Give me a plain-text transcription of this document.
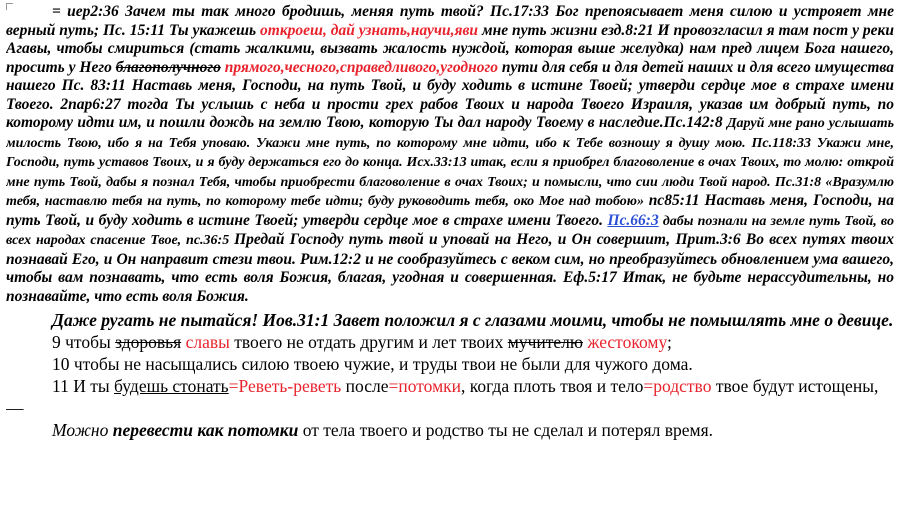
= иер2:36 Зачем ты так много бродишь, меняя путь твой? Пс.17:33 Бог препоясывает меня силою и устрояет мне верный путь; Пс. 15:11 Ты укажешь откроеш, дай узнать,научи,яви мне путь жизни езд.8:21 И провозгласил я там пост у реки Агавы, чтобы смириться (стать жалкими, вызвать жалость нуждой, которая выше желудка) нам пред лицем Бога нашего, просить у Него благополучного прямого,чесного,справедливого,угодного пути для себя и для детей наших и для всего имущества нашего Пс. 83:11 Наставь меня, Господи, на путь Твой, и буду ходить в истине Твоей; утверди сердце мое в страхе имени Твоего. 2пар6:27 тогда Ты услышь с неба и прости грех рабов Твоих и народа Твоего Израиля, указав им добрый путь, по которому идти им, и пошли дождь на землю Твою, которую Ты дал народу Твоему в наследие.Пс.142:8 Даруй мне рано услышать милость Твою, ибо я на Тебя уповаю. Укажи мне путь, по которому мне идти, ибо к Тебе возношу я душу мою. Пс.118:33 Укажи мне, Господи, путь уставов Твоих, и я буду держаться его до конца. Исх.33:13 итак, если я приобрел благоволение в очах Твоих, то молю: открой мне путь Твой, дабы я познал Тебя, чтобы приобрести благоволение в очах Твоих; и помысли, что сии люди Твой народ. Пс.31:8 «Вразумлю тебя, наставлю тебя на путь, по которому тебе идти; буду руководить тебя, око Мое над тобою» пс85:11 Наставь меня, Господи, на путь Твой, и буду ходить в истине Твоей; утверди сердце мое в страхе имени Твоего. Пс.66:3 дабы познали на земле путь Твой, во всех народах спасение Твое, пс.36:5 Предай Господу путь твой и уповай на Него, и Он совершит, Прит.3:6 Во всех путях твоих познавай Его, и Он направит стези твои. Рим.12:2 и не сообразуйтесь с веком сим, но преобразуйтесь обновлением ума вашего, чтобы вам познавать, что есть воля Божия, благая, угодная и совершенная. Еф.5:17 Итак, не будьте нерассудительны, но познавайте, что есть воля Божия.

Даже ругать не пытайся! Иов.31:1 Завет положил я с глазами моими, чтобы не помышлять мне о девице.

9 чтобы здоровья славы твоего не отдать другим и лет твоих мучителю жестокому;

10 чтобы не насыщались силою твоею чужие, и труды твои не были для чужого дома.

11 И ты будешь стонать=Реветь-реветь после=потомки, когда плоть твоя и тело=родство твое будут истощены, —

Можно перевести как потомки от тела твоего и родство ты не сделал и потерял время.
